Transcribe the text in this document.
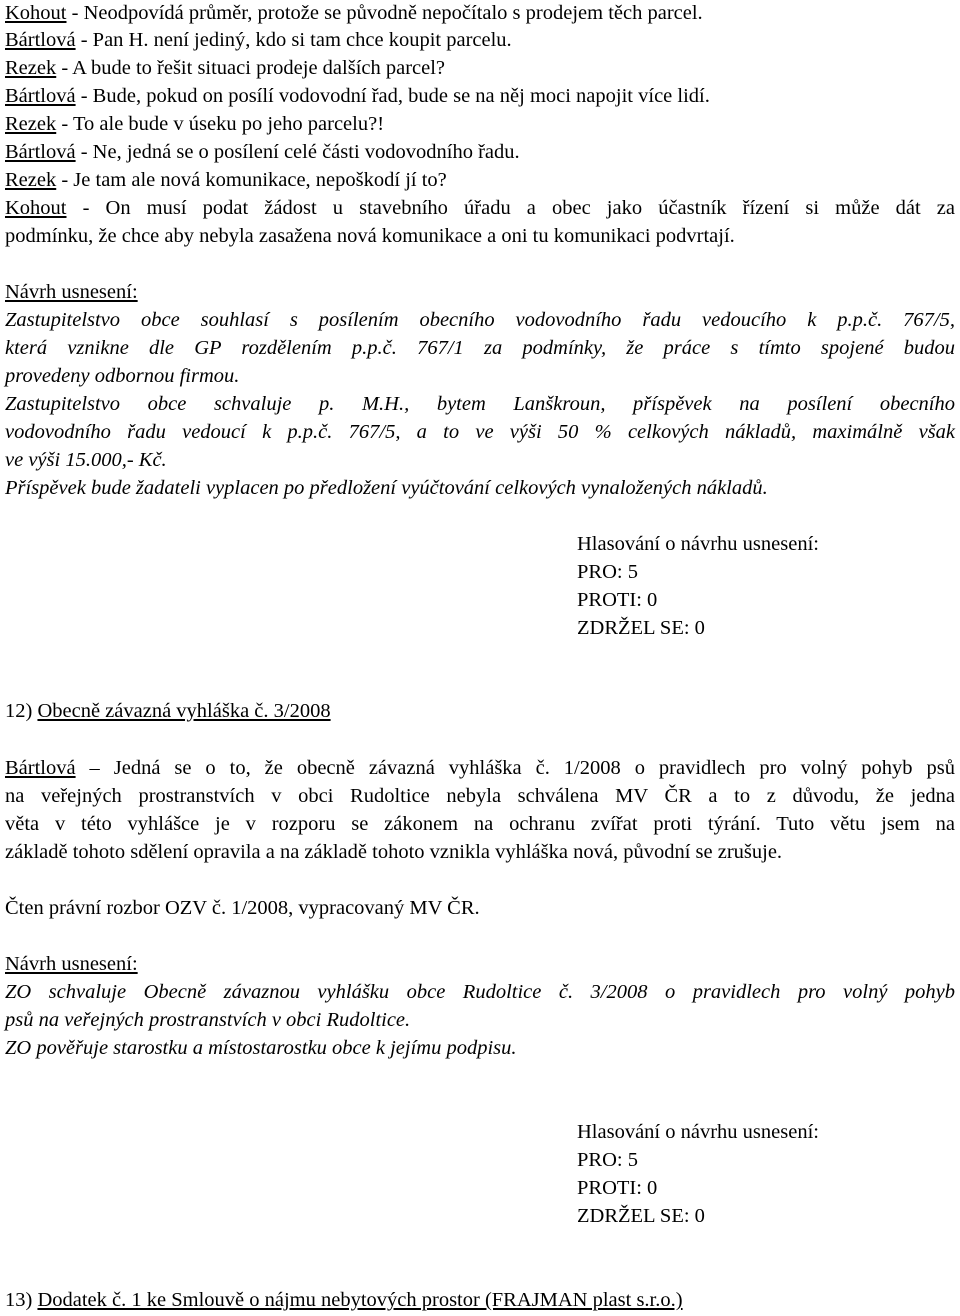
Kohout - Neodpovídá průměr, protože se původně nepočítalo s prodejem těch parcel.
Bártlová - Pan H. není jediný, kdo si tam chce koupit parcelu.
Rezek - A bude to řešit situaci prodeje dalších parcel?
Bártlová - Bude, pokud on posílí vodovodní řad, bude se na něj moci napojit více lidí.
Rezek - To ale bude v úseku po jeho parcelu?!
Bártlová - Ne, jedná se o posílení celé části vodovodního řadu.
Rezek - Je tam ale nová komunikace, nepoškodí jí to?
Kohout - On musí podat žádost u stavebního úřadu a obec jako účastník řízení si může dát za
podmínku, že chce aby nebyla zasažena nová komunikace a oni tu komunikaci podvrtají.
Návrh usnesení:
Zastupitelstvo obce souhlasí s posílením obecního vodovodního řadu vedoucího k p.p.č. 767/5,
která vznikne dle GP rozdělením p.p.č. 767/1 za podmínky, že práce s tímto spojené budou
provedeny odbornou firmou.
Zastupitelstvo obce schvaluje p. M.H., bytem Lanškroun, příspěvek na posílení obecního
vodovodního řadu vedoucí k p.p.č. 767/5, a to ve výši 50 % celkových nákladů, maximálně však
ve výši 15.000,- Kč.
Příspěvek bude žadateli vyplacen po předložení vyúčtování celkových vynaložených nákladů.
Hlasování o návrhu usnesení:
PRO: 5
PROTI: 0
ZDRŽEL SE: 0
12) Obecně závazná vyhláška č. 3/2008
Bártlová – Jedná se o to, že obecně závazná vyhláška č. 1/2008 o pravidlech pro volný pohyb psů
na veřejných prostranstvích v obci Rudoltice nebyla schválena MV ČR a to z důvodu, že jedna
věta v této vyhlášce je v rozporu se zákonem na ochranu zvířat proti týrání. Tuto větu jsem na
základě tohoto sdělení opravila a na základě tohoto vznikla vyhláška nová, původní se zrušuje.
Čten právní rozbor OZV č. 1/2008, vypracovaný MV ČR.
Návrh usnesení:
ZO schvaluje Obecně závaznou vyhlášku obce Rudoltice č. 3/2008 o pravidlech pro volný pohyb
psů na veřejných prostranstvích v obci Rudoltice.
ZO pověřuje starostku a místostarostku obce k jejímu podpisu.
Hlasování o návrhu usnesení:
PRO: 5
PROTI: 0
ZDRŽEL SE: 0
13) Dodatek č. 1 ke Smlouvě o nájmu nebytových prostor (FRAJMAN plast s.r.o.)
